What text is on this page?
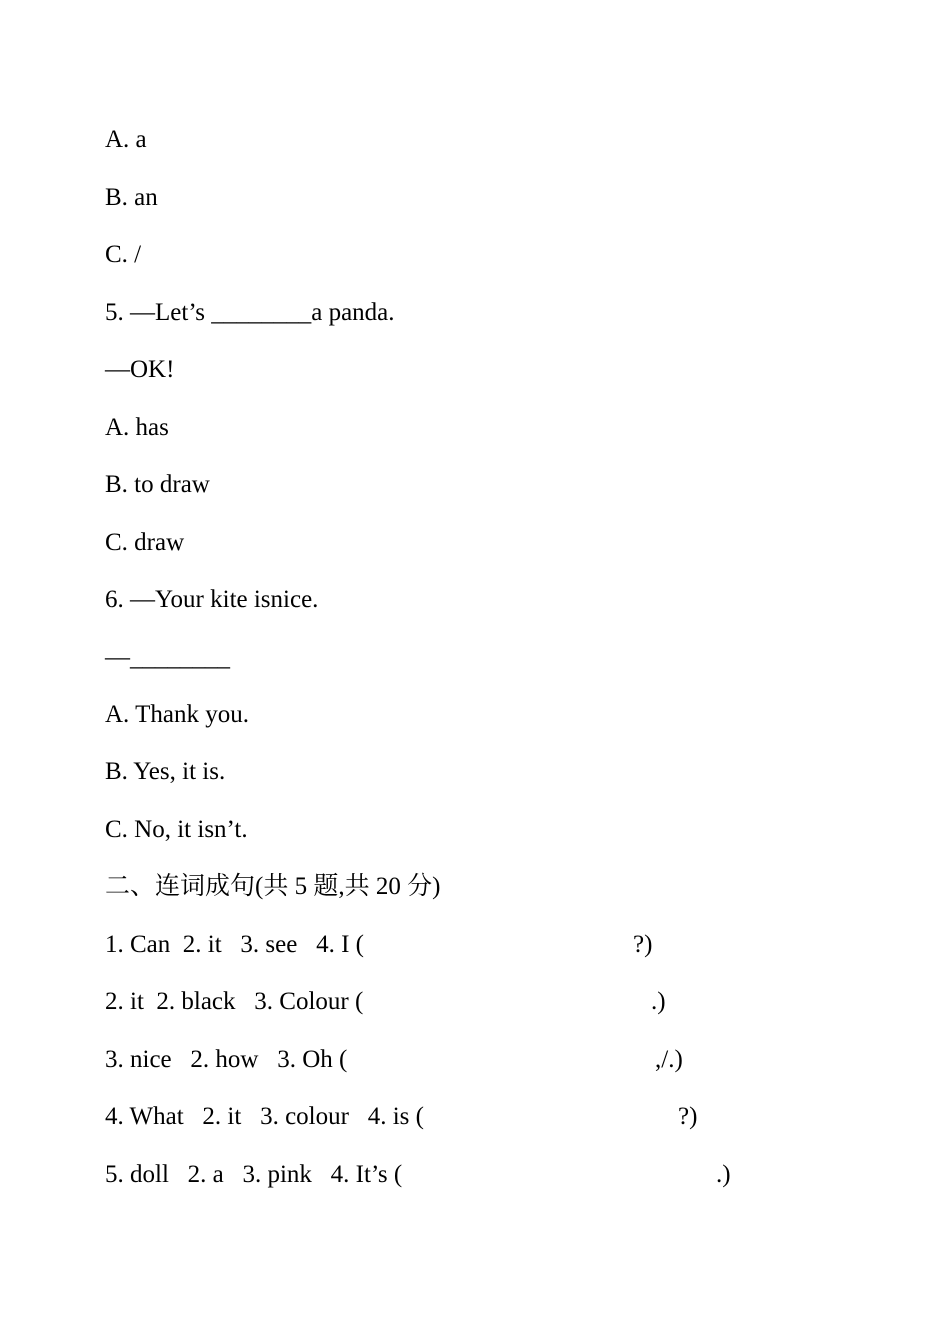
A. a
B. an
C. /
5. —Let’s ________a panda.
—OK!
A. has
B. to draw
C. draw
6. —Your kite isnice.
—________
A. Thank you.
B. Yes, it is.
C. No, it isn’t.
二、连词成句(共 5 题,共 20 分)
1. Can  2. it   3. see   4. I (	?)
2. it  2. black   3. Colour (	.)
3. nice   2. how   3. Oh (	,/.)
4. What   2. it   3. colour   4. is (	?)
5. doll   2. a   3. pink   4. It’s (	.)
